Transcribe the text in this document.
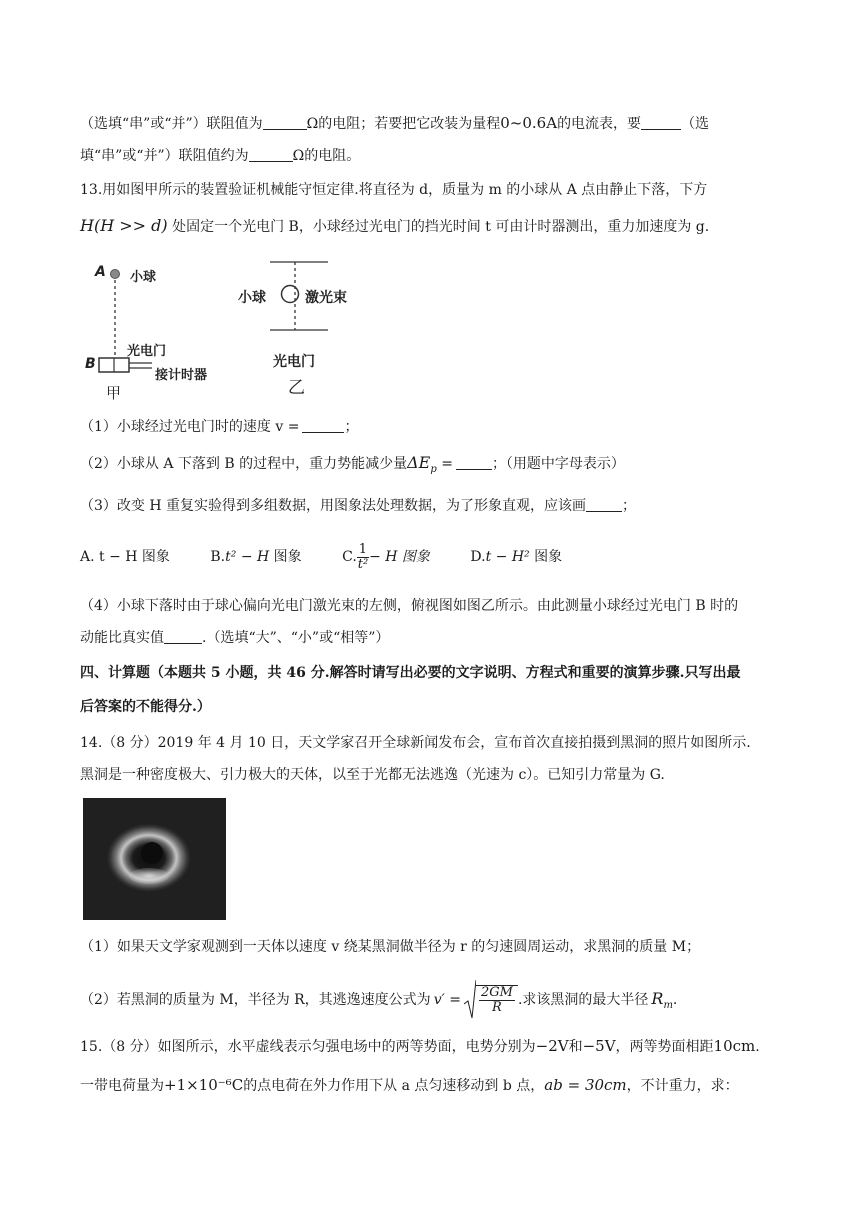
（选填“串”或“并”）联阻值为	Ω的电阻；若要把它改装为量程0~0.6A的电流表，要	（选
填“串”或“并”）联阻值约为	Ω的电阻。
13.用如图甲所示的装置验证机械能守恒定律.将直径为 d，质量为 m 的小球从 A 点由静止下落，下方
H(H >> d) 处固定一个光电门 B，小球经过光电门的挡光时间 t 可由计时器测出，重力加速度为 g.
A 小球
光电门
B
接计时器
甲
小球	激光束
光电门
乙
（1）小球经过光电门时的速度 v =	；
（2）小球从 A 下落到 B 的过程中，重力势能减少量$\Delta E_p$ =	；（用题中字母表示）
（3）改变 H 重复实验得到多组数据，用图象法处理数据，为了形象直观，应该画	；
A. t − H 图象	B.t² − H 图象	C. $\frac{1}{\text{t²}} - H$ 图象	D.t − H² 图象
（4）小球下落时由于球心偏向光电门激光束的左侧，俯视图如图乙所示。由此测量小球经过光电门 B 时的
动能比真实值	.（选填“大”、“小”或“相等”）
四、计算题（本题共 5 小题，共 46 分.解答时请写出必要的文字说明、方程式和重要的演算步骤.只写出最
后答案的不能得分.）
14.（8 分）2019 年 4 月 10 日，天文学家召开全球新闻发布会，宣布首次直接拍摄到黑洞的照片如图所示.
黑洞是一种密度极大、引力极大的天体，以至于光都无法逃逸（光速为 c）。已知引力常量为 G.
（1）如果天文学家观测到一天体以速度 v 绕某黑洞做半径为 r 的匀速圆周运动，求黑洞的质量 M；
（2）若黑洞的质量为 M，半径为 R，其逃逸速度公式为 $v' = \frac{2GM}{R}$ .求该黑洞的最大半径 $R_m$.
15.（8 分）如图所示，水平虚线表示匀强电场中的两等势面，电势分别为−2V和−5V，两等势面相距10cm.
一带电荷量为+1×10⁻⁶C的点电荷在外力作用下从 a 点匀速移动到 b 点，ab = 30cm，不计重力，求：
